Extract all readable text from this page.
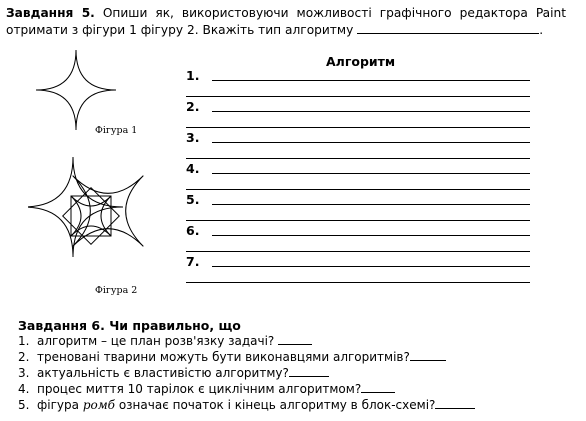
Завдання 5. Опиши як, використовуючи можливості графічного редактора Paint отримати з фігури 1 фігуру 2. Вкажіть тип алгоритму	.
Фігура 1
Фігура 2
Алгоритм
1.
2.
3.
4.
5.
6.
7.
Завдання 6. Чи правильно, що
1. алгоритм – це план розв'язку задачі?
2. треновані тварини можуть бути виконавцями алгоритмів?
3. актуальність є властивістю алгоритму?
4. процес миття 10 тарілок є циклічним алгоритмом?
5. фігура ромб означає початок і кінець алгоритму в блок-схемі?
